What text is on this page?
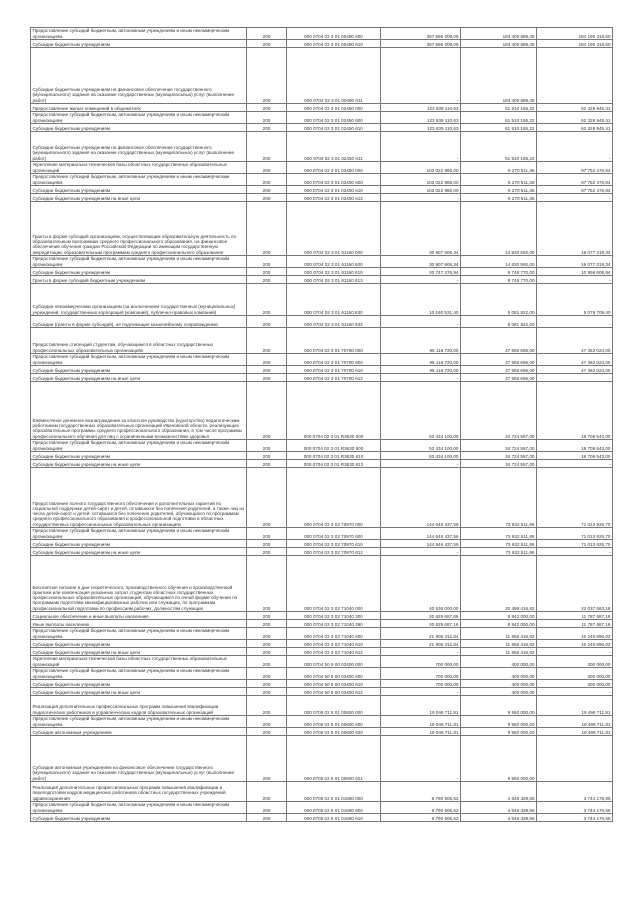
Предоставление субсидий бюджетным, автономным учреждениям и иным некоммерческим организациям	200	000 0704 02 3 01 00490 600	367 596 208,05	183 405 889,45	184 190 318,60
Субсидии бюджетным учреждениям	200	000 0704 02 3 01 00490 610	367 596 208,05	183 405 889,45	184 190 318,60
Субсидии бюджетным учреждениям на финансовое обеспечение государственного (муниципального) задания на оказание государственных (муниципальных) услуг (выполнение работ)	200	000 0704 02 3 01 00490 611	-	183 405 889,45	-
Предоставление жилых помещений в общежитиях	200	000 0704 02 3 01 02450 000	123 839 110,63	61 510 165,22	62 328 945,41
Предоставление субсидий бюджетным, автономным учреждениям и иным некоммерческим организациям	200	000 0704 02 3 01 02450 600	123 839 110,63	61 510 165,22	62 328 945,41
Субсидии бюджетным учреждениям	200	000 0704 02 3 01 02450 610	123 839 110,63	61 510 165,22	62 328 945,41
Субсидии бюджетным учреждениям на финансовое обеспечение государственного (муниципального) задания на оказание государственных (муниципальных) услуг (выполнение работ)	200	000 0704 02 3 01 02450 611	-	61 510 165,22	-
Укрепление материально-технической базы областных государственных образовательных организаций	200	000 0704 02 3 01 03400 000	103 022 956,00	5 270 511,36	97 752 476,84
Предоставление субсидий бюджетным, автономным учреждениям и иным некоммерческим организациям	200	000 0704 02 3 01 03400 600	103 022 988,00	5 270 511,36	97 752 476,84
Субсидии бюджетным учреждениям	200	000 0704 02 3 01 03400 610	103 022 956,00	5 270 511,36	97 752 476,84
Субсидии бюджетным учреждениям на иные цели	200	000 0704 02 3 01 03400 612	-	5 270 511,36	-
Гранты в форме субсидий организациям, осуществляющим образовательную деятельность по образовательным программам среднего профессионального образования, на финансовое обеспечение обучения граждан Российской Федерации по имеющим государственную аккредитацию образовательным программам среднего профессионального образования	200	000 0704 02 3 01 61160 000	30 907 906,34	14 830 592,00	16 077 319,34
Предоставление субсидий бюджетным, автономным учреждениям и иным некоммерческим организациям	200	000 0704 02 3 01 61160 600	30 907 906,34	14 830 592,00	16 077 319,34
Субсидии бюджетным учреждениям	200	000 0704 02 3 01 61160 610	20 747 376,94	9 748 770,00	10 998 606,94
Гранты в форме субсидий бюджетным учреждениям	200	000 0704 02 3 01 61160 613	-	9 748 770,00	-
Субсидии некоммерческим организациям (за исключением государственных (муниципальных) учреждений, государственных корпораций (компаний), публично-правовых компаний)	200	000 0704 02 3 01 61160 630	10 160 531,40	5 081 822,00	5 078 709,40
Субсидии (гранты в форме субсидий), не подлежащие казначейскому сопровождению	200	000 0704 02 3 01 61160 633	-	5 081 822,00	-
Предоставление стипендий студентам, обучающимся в областных государственных профессиональных образовательных организациях	200	000 0704 02 3 01 70780 000	95 118 720,00	47 656 696,00	47 462 024,00
Предоставление субсидий бюджетным, автономным учреждениям и иным некоммерческим организациям	200	000 0704 02 3 01 70780 600	95 118 720,00	47 656 696,00	47 462 024,00
Субсидии бюджетным учреждениям	200	000 0704 02 3 01 70780 610	95 118 720,00	47 656 696,00	47 462 024,00
Субсидии бюджетным учреждениям на иные цели	200	000 0704 02 3 01 70780 612	-	47 656 696,00	-
Ежемесячное денежное вознаграждение за классное руководство (кураторство) педагогическим работникам государственных образовательных организаций Ивановской области, реализующих образовательные программы среднего профессионального образования, в том числе программы профессионального обучения для лиц с ограниченными возможностями здоровья	200	000 0704 02 3 01 R3630 000	53 434 100,00	34 724 557,00	18 709 543,00
Предоставление субсидий бюджетным, автономным учреждениям и иным некоммерческим организациям	200	000 0704 02 3 01 R3630 600	53 434 100,00	34 724 557,00	18 709 543,00
Субсидии бюджетным учреждениям	200	000 0704 02 3 01 R3630 610	53 434 100,00	34 724 557,00	18 709 543,00
Субсидии бюджетным учреждениям на иные цели	200	000 0704 02 3 01 R3630 612	-	34 724 557,00	-
Предоставление полного государственного обеспечения и дополнительных гарантий по социальной поддержке детей-сирот и детей, оставшихся без попечения родителей, а также лиц из числа детей-сирот и детей, оставшихся без попечения родителей, обучающихся по программам среднего профессионального образования и профессиональной подготовки в областных государственных профессиональных образовательных организациях	200	000 0704 02 3 02 70970 000	144 646 437,56	73 632 511,86	71 013 925,70
Предоставление субсидий бюджетным, автономным учреждениям и иным некоммерческим организациям	200	000 0704 02 3 02 70970 600	144 646 437,56	73 632 511,86	71 013 925,70
Субсидии бюджетным учреждениям	200	000 0704 02 3 02 70970 610	144 646 437,56	73 632 511,86	71 013 925,70
Субсидии бюджетным учреждениям на иные цели	200	000 0704 02 3 02 70970 612	-	73 632 511,86	-
Бесплатное питание в дни теоретического, производственного обучения и производственной практики или компенсация указанных затрат студентам областных государственных профессиональных образовательных организаций, обучающимся по очной форме обучения по программам подготовки квалифицированных рабочих или служащих, по программам профессиональной подготовки по профессиям рабочих, должностям служащих	200	000 0704 02 3 02 71040 000	40 536 000,00	20 498 416,82	22 037 583,18
Социальное обеспечение и иные выплаты населению	200	000 0704 02 3 02 71040 300	20 629 687,66	8 842 000,00	11 787 687,16
Иные выплаты населению	200	000 0704 02 3 02 71040 360	20 629 687,16	8 842 000,00	11 787 687,16
Предоставление субсидий бюджетным, автономным учреждениям и иным некоммерческим организациям	200	000 0704 02 3 02 71040 600	21 906 312,84	11 656 416,82	10 249 896,02
Субсидии бюджетным учреждениям	200	000 0704 02 3 02 71040 610	21 906 312,84	11 656 416,82	10 249 896,02
Субсидии бюджетным учреждениям на иные цели	200	000 0704 02 3 02 71040 612	-	11 656 416,82	-
Укрепление материально-технической базы областных государственных образовательных организаций	200	000 0704 50 9 00 03400 000	700 000,00	400 000,00	300 000,00
Предоставление субсидий бюджетным, автономным учреждениям и иным некоммерческим организациям	200	000 0704 50 9 00 03400 600	700 000,00	400 000,00	300 000,00
Субсидии бюджетным учреждениям	200	000 0704 50 9 00 03400 610	700 000,00	400 000,00	300 000,00
Субсидии бюджетным учреждениям на иные цели	200	000 0704 50 9 00 03400 612	-	400 000,00	-
Реализация дополнительных профессиональных программ повышения квалификации педагогических работников и управленческих кадров образовательных организаций	200	000 0705 02 5 01 00600 000	19 046 711,81	9 550 000,00	19 496 711,81
Предоставление субсидий бюджетным, автономным учреждениям и иным некоммерческим организациям	200	000 0705 02 5 01 00600 600	19 046 711,81	9 550 000,00	19 496 711,81
Субсидии автономным учреждениям	200	000 0705 02 5 01 00600 620	19 046 711,81	9 550 000,00	19 496 711,81
Субсидии автономным учреждениям на финансовое обеспечение государственного (муниципального) задания на оказание государственных (муниципальных) услуг (выполнение работ)	200	000 0705 02 5 01 00600 621	-	9 550 000,00	-
Реализация дополнительных профессиональных программ повышения квалификации и переподготовки кадров медицинских работников областных государственных учреждений здравоохранения	200	000 0705 02 5 01 01660 000	8 790 505,52	4 646 329,56	3 744 175,96
Предоставление субсидий бюджетным, автономным учреждениям и иным некоммерческим организациям	200	000 0705 02 5 01 01660 600	8 790 505,52	4 646 329,56	3 744 175,96
Субсидии бюджетным учреждениям	200	000 0705 02 5 01 01660 610	8 790 505,52	4 646 329,56	3 744 175,96
